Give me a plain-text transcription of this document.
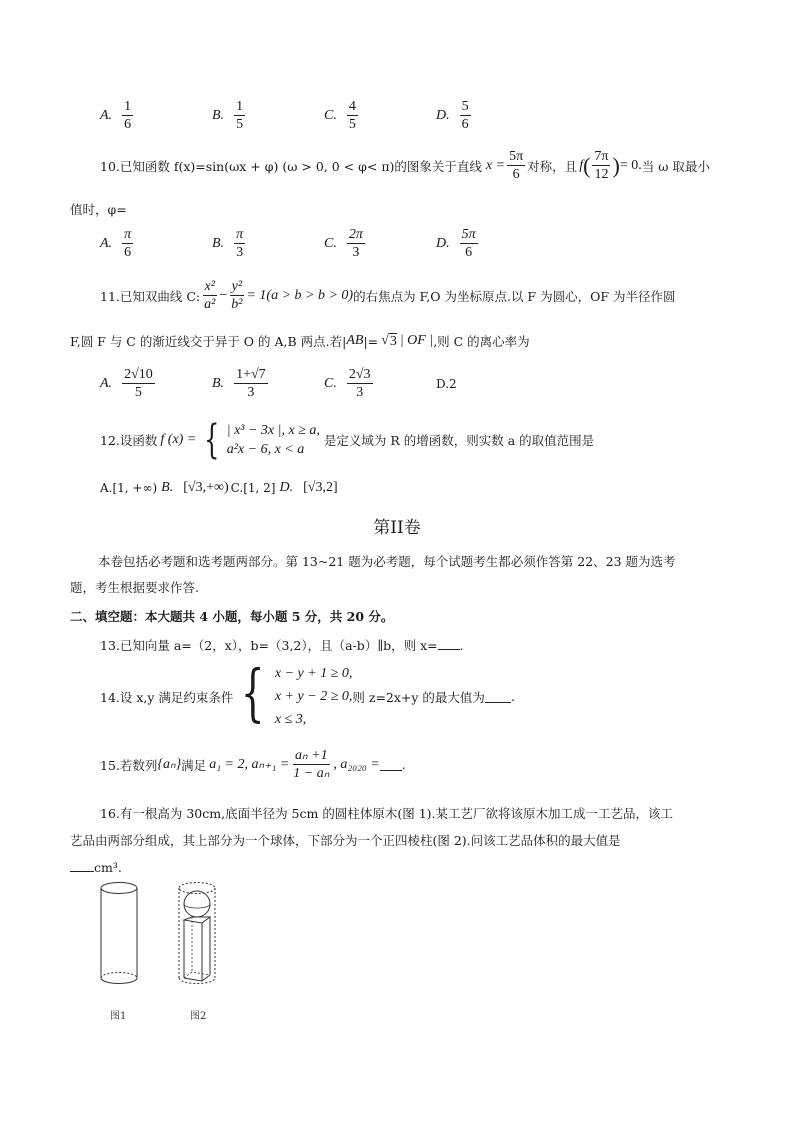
A. $\frac{1}{6}$	B. $\frac{1}{5}$	C. $\frac{4}{5}$	D. $\frac{5}{6}$
10.已知函数 f(x)=sin(ωx + φ) (ω > 0, 0 < φ< π)的图象关于直线 $x = \frac{5\pi}{6}$ 对称，且 f ( $\frac{7\pi}{12}$ ) = 0. 当 ω 取最小
值时，φ=
A. $\frac{\pi}{6}$	B. $\frac{\pi}{3}$	C. $\frac{2\pi}{3}$	D. $\frac{5\pi}{6}$
11.已知双曲线 C: $\frac{\text{x²}}{\text{a²}} - \frac{\text{y²}}{\text{b²}} = 1(a > b > b > 0)$ 的右焦点为 F,O 为坐标原点.以 F 为圆心，OF 为半径作圆
F,圆 F 与 C 的渐近线交于异于 O 的 A,B 两点.若| AB |= √ 3 | OF | ,则 C 的离心率为
A. $\frac{2√10}{5}$	B. $\frac{1+√7}{3}$	C. $\frac{2√3}{3}$	D.2
12.设函数 f (x) = { | x³ − 3x |, x ≥ a,
a²x − 6, x < a
是定义域为 R 的增函数，则实数 a 的取值范围是
A.[1, +∞) B. [√3,+∞) C.[1, 2] D. [√3,2]
第II卷
本卷包括必考题和选考题两部分。第 13~21 题为必考题，每个试题考生都必须作答第 22、23 题为选考
题，考生根据要求作答.
二、填空题：本大题共 4 小题，每小题 5 分，共 20 分。
13.已知向量 a=（2，x），b=（3,2），且（a-b）∥b，则 x= .
14.设 x,y 满足约束条件 { x − y + 1 ≥ 0,
x + y − 2 ≥ 0,
x ≤ 3,
则 z=2x+y 的最大值为 .
15.若数列 {aₙ} 满足 a₁ = 2, $a_{n+1} = \frac{\text{aₙ +1}}{\text{1 − aₙ}}$ , a₂₀₂₀ = .
16.有一根高为 30cm,底面半径为 5cm 的圆柱体原木(图 1).某工艺厂欲将该原木加工成一工艺品，该工
艺品由两部分组成，其上部分为一个球体，下部分为一个正四棱柱(图 2).问该工艺品体积的最大值是
cm³.
图1	图2
